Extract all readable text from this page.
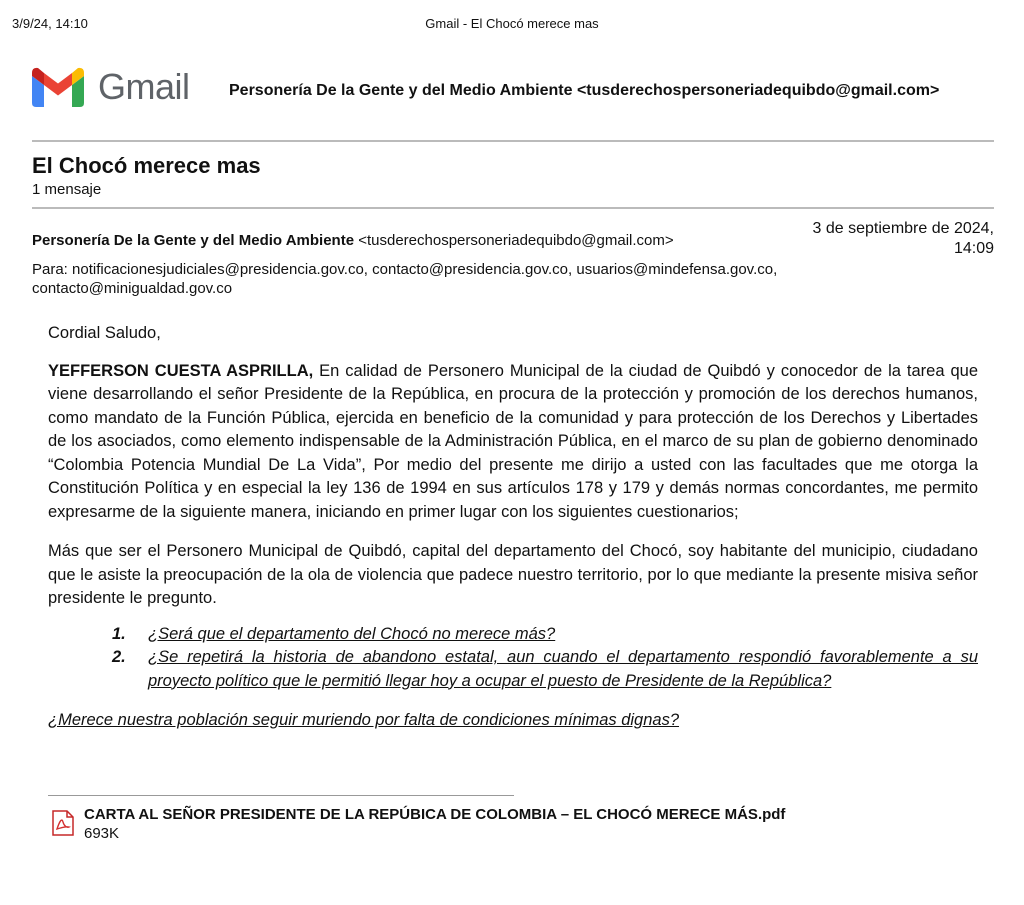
3/9/24, 14:10	Gmail - El Chocó merece mas
Gmail Personería De la Gente y del Medio Ambiente <tusderechospersoneriadequibdo@gmail.com>
El Chocó merece mas
1 mensaje
Personería De la Gente y del Medio Ambiente <tusderechospersoneriadequibdo@gmail.com>
3 de septiembre de 2024,
14:09
Para: notificacionesjudiciales@presidencia.gov.co, contacto@presidencia.gov.co, usuarios@mindefensa.gov.co,
contacto@minigualdad.gov.co

Cordial Saludo,

YEFFERSON CUESTA ASPRILLA, En calidad de Personero Municipal de la ciudad de Quibdó y conocedor de la tarea que viene desarrollando el señor Presidente de la República, en procura de la protección y promoción de los derechos humanos, como mandato de la Función Pública, ejercida en beneficio de la comunidad y para protección de los Derechos y Libertades de los asociados, como elemento indispensable de la Administración Pública, en el marco de su plan de gobierno denominado “Colombia Potencia Mundial De La Vida”, Por medio del presente me dirijo a usted con las facultades que me otorga la Constitución Política y en especial la ley 136 de 1994 en sus artículos 178 y 179 y demás normas concordantes, me permito expresarme de la siguiente manera, iniciando en primer lugar con los siguientes cuestionarios;

Más que ser el Personero Municipal de Quibdó, capital del departamento del Chocó, soy habitante del municipio, ciudadano que le asiste la preocupación de la ola de violencia que padece nuestro territorio, por lo que mediante la presente misiva señor presidente le pregunto.

1. ¿Será que el departamento del Chocó no merece más?
2. ¿Se repetirá la historia de abandono estatal, aun cuando el departamento respondió favorablemente a su proyecto político que le permitió llegar hoy a ocupar el puesto de Presidente de la República?

¿Merece nuestra población seguir muriendo por falta de condiciones mínimas dignas?

CARTA AL SEÑOR PRESIDENTE DE LA REPÚBICA DE COLOMBIA – EL CHOCÓ MERECE MÁS.pdf
693K
